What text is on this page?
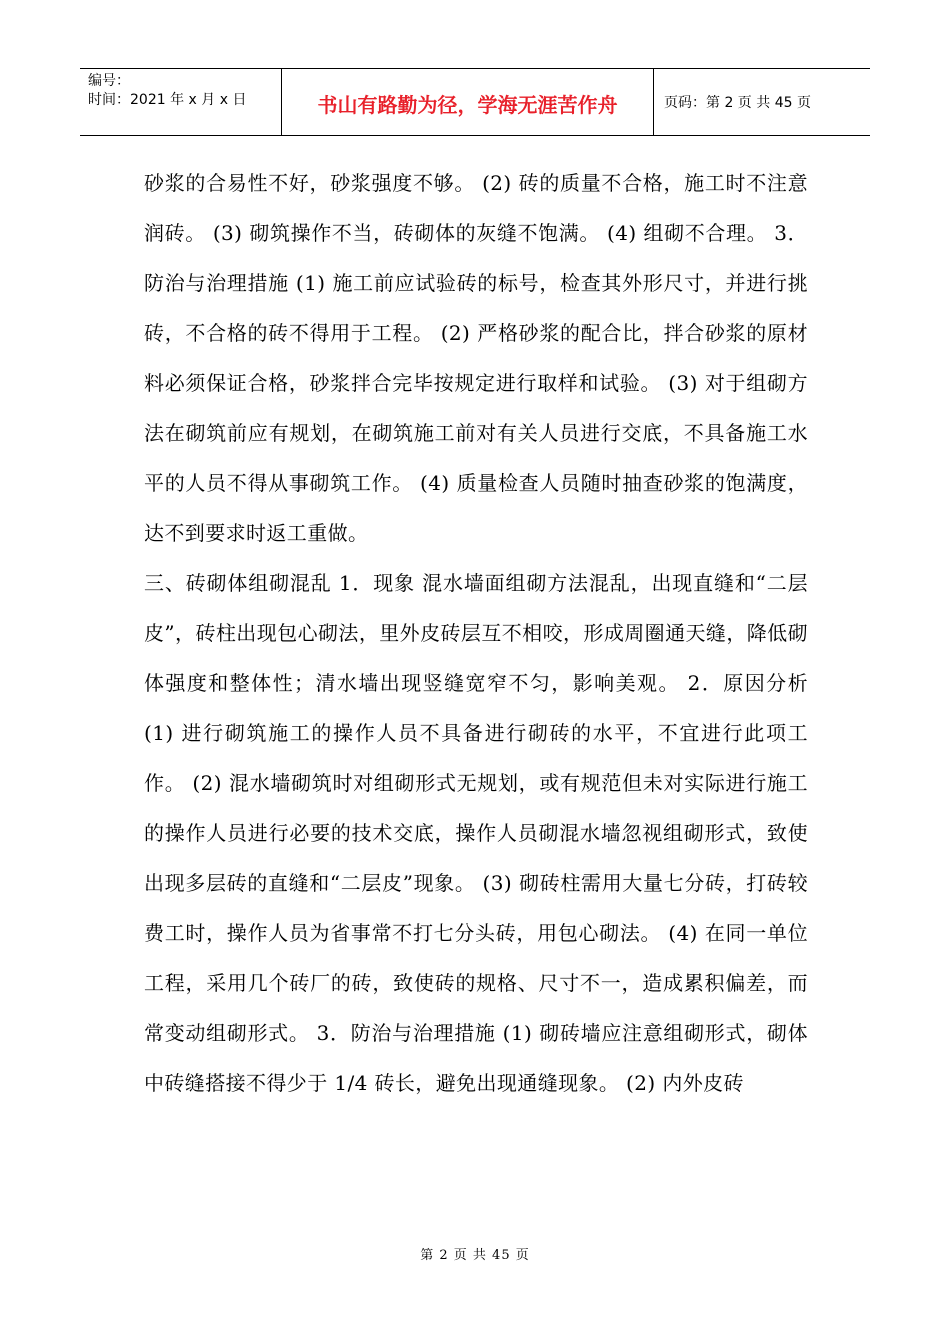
编号：
时间：2021 年 x 月 x 日	书山有路勤为径，学海无涯苦作舟	页码：第 2 页 共 45 页

砂浆的合易性不好，砂浆强度不够。 (2) 砖的质量不合格，施工时不注意润砖。 (3) 砌筑操作不当，砖砌体的灰缝不饱满。 (4) 组砌不合理。 3．防治与治理措施 (1) 施工前应试验砖的标号，检查其外形尺寸，并进行挑砖，不合格的砖不得用于工程。 (2) 严格砂浆的配合比，拌合砂浆的原材料必须保证合格，砂浆拌合完毕按规定进行取样和试验。 (3) 对于组砌方法在砌筑前应有规划，在砌筑施工前对有关人员进行交底，不具备施工水平的人员不得从事砌筑工作。 (4) 质量检查人员随时抽查砂浆的饱满度，达不到要求时返工重做。

三、砖砌体组砌混乱 1．现象 混水墙面组砌方法混乱，出现直缝和“二层皮”，砖柱出现包心砌法，里外皮砖层互不相咬，形成周圈通天缝，降低砌体强度和整体性；清水墙出现竖缝宽窄不匀，影响美观。 2．原因分析 (1) 进行砌筑施工的操作人员不具备进行砌砖的水平，不宜进行此项工作。 (2) 混水墙砌筑时对组砌形式无规划，或有规范但未对实际进行施工的操作人员进行必要的技术交底，操作人员砌混水墙忽视组砌形式，致使出现多层砖的直缝和“二层皮”现象。 (3) 砌砖柱需用大量七分砖，打砖较费工时，操作人员为省事常不打七分头砖，用包心砌法。 (4) 在同一单位工程，采用几个砖厂的砖，致使砖的规格、尺寸不一，造成累积偏差，而常变动组砌形式。 3．防治与治理措施 (1) 砌砖墙应注意组砌形式，砌体中砖缝搭接不得少于 1/4 砖长，避免出现通缝现象。 (2) 内外皮砖

第 2 页 共 45 页
